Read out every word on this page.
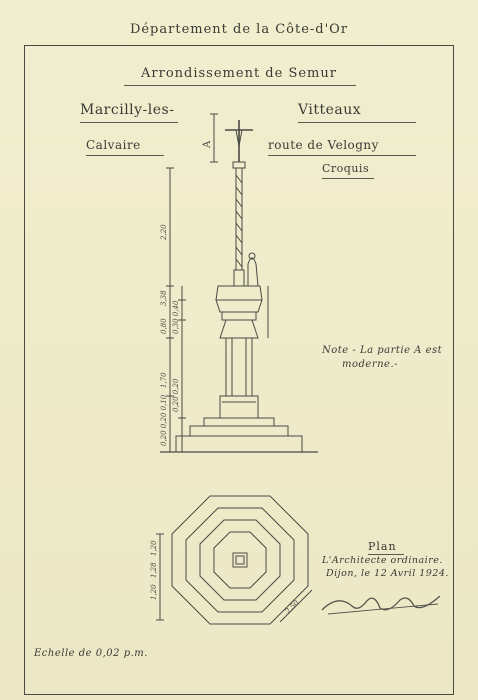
Département de la Côte-d'Or
Arrondissement de Semur
Marcilly-les-	Vitteaux
Calvaire	route de Velogny
Croquis
A
2,20
3,38
0,80 0,30 0,40
1,70 0,20 0,20
0,20 0,20 0,10
1,20
1,28
1,20
2,50
Note - La partie A est
moderne.-
Plan
L'Architecte ordinaire.
Dijon, le 12 Avril 1924.
Echelle de 0,02 p.m.
